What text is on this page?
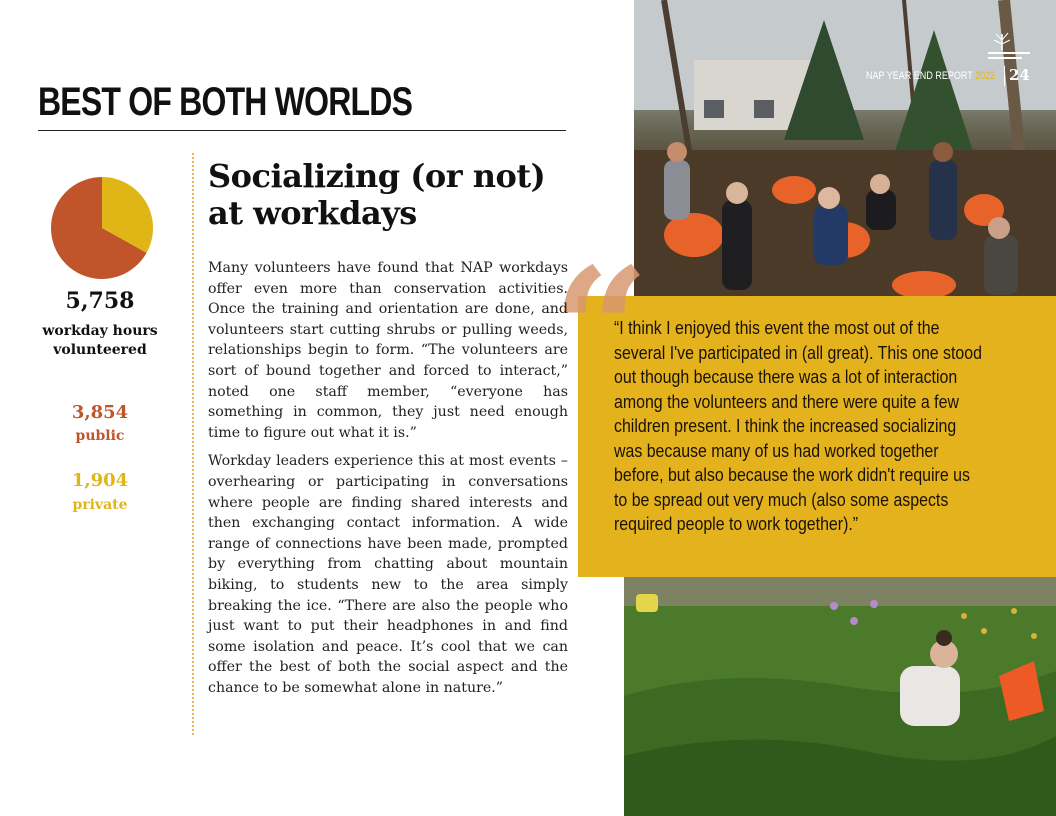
“

“I think I enjoyed this event the most out of the several I've participated in (all great). This one stood out though because there was a lot of interaction among the volunteers and there were quite a few children present. I think the increased socializing was because many of us had worked together before, but also because the work didn't require us to be spread out very much (also some aspects required people to work together).”

NAP YEAR END REPORT 2022 24
BEST OF BOTH WORLDS
5,758
workday hours volunteered
3,854
public
1,904
private
Socializing (or not) at workdays

Many volunteers have found that NAP workdays offer even more than conservation activities. Once the training and orientation are done, and volunteers start cutting shrubs or pulling weeds, relationships begin to form. “The volunteers are sort of bound together and forced to interact,” noted one staff member, “everyone has something in common, they just need enough time to figure out what it is.”

Workday leaders experience this at most events – overhearing or participating in conversations where people are finding shared interests and then exchanging contact information. A wide range of connections have been made, prompted by everything from chatting about mountain biking, to students new to the area simply breaking the ice. “There are also the people who just want to put their headphones in and find some isolation and peace. It’s cool that we can offer the best of both the social aspect and the chance to be somewhat alone in nature.”
